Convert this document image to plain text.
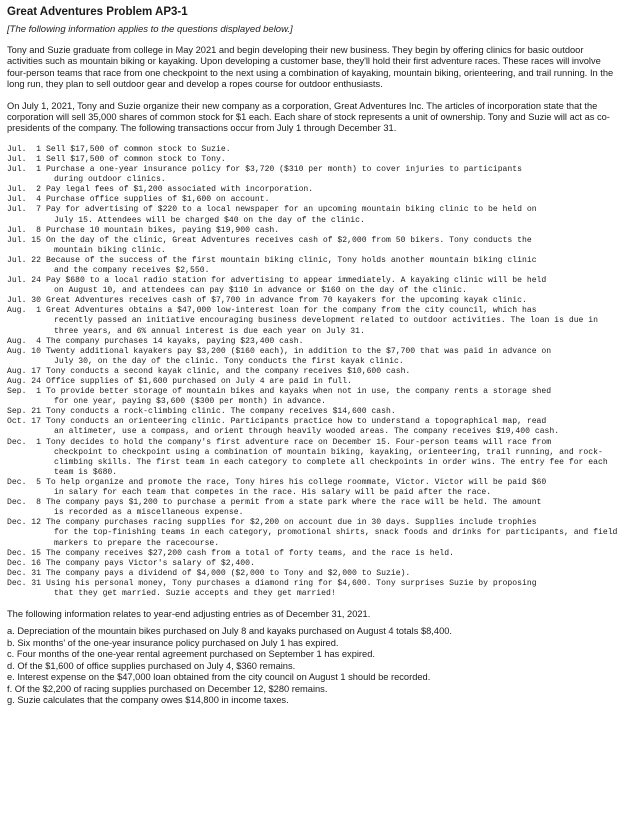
Great Adventures Problem AP3-1
[The following information applies to the questions displayed below.]

Tony and Suzie graduate from college in May 2021 and begin developing their new business. They begin by offering clinics for basic outdoor activities such as mountain biking or kayaking. Upon developing a customer base, they'll hold their first adventure races. These races will involve four-person teams that race from one checkpoint to the next using a combination of kayaking, mountain biking, orienteering, and trail running. In the long run, they plan to sell outdoor gear and develop a ropes course for outdoor enthusiasts.

On July 1, 2021, Tony and Suzie organize their new company as a corporation, Great Adventures Inc. The articles of incorporation state that the corporation will sell 35,000 shares of common stock for $1 each. Each share of stock represents a unit of ownership. Tony and Suzie will act as co-presidents of the company. The following transactions occur from July 1 through December 31.

Jul.  1 Sell $17,500 of common stock to Suzie.
Jul.  1 Sell $17,500 of common stock to Tony.
Jul.  1 Purchase a one-year insurance policy for $3,720 ($310 per month) to cover injuries to participants
during outdoor clinics.
Jul.  2 Pay legal fees of $1,200 associated with incorporation.
Jul.  4 Purchase office supplies of $1,600 on account.
Jul.  7 Pay for advertising of $220 to a local newspaper for an upcoming mountain biking clinic to be held on
July 15. Attendees will be charged $40 on the day of the clinic.
Jul.  8 Purchase 10 mountain bikes, paying $19,900 cash.
Jul. 15 On the day of the clinic, Great Adventures receives cash of $2,000 from 50 bikers. Tony conducts the
mountain biking clinic.
Jul. 22 Because of the success of the first mountain biking clinic, Tony holds another mountain biking clinic
and the company receives $2,550.
Jul. 24 Pay $680 to a local radio station for advertising to appear immediately. A kayaking clinic will be held
on August 10, and attendees can pay $110 in advance or $160 on the day of the clinic.
Jul. 30 Great Adventures receives cash of $7,700 in advance from 70 kayakers for the upcoming kayak clinic.
Aug.  1 Great Adventures obtains a $47,000 low-interest loan for the company from the city council, which has
recently passed an initiative encouraging business development related to outdoor activities. The loan is due in three years, and 6% annual interest is due each year on July 31.
Aug.  4 The company purchases 14 kayaks, paying $23,400 cash.
Aug. 10 Twenty additional kayakers pay $3,200 ($160 each), in addition to the $7,700 that was paid in advance on
July 30, on the day of the clinic. Tony conducts the first kayak clinic.
Aug. 17 Tony conducts a second kayak clinic, and the company receives $10,600 cash.
Aug. 24 Office supplies of $1,600 purchased on July 4 are paid in full.
Sep.  1 To provide better storage of mountain bikes and kayaks when not in use, the company rents a storage shed
for one year, paying $3,600 ($300 per month) in advance.
Sep. 21 Tony conducts a rock-climbing clinic. The company receives $14,600 cash.
Oct. 17 Tony conducts an orienteering clinic. Participants practice how to understand a topographical map, read
an altimeter, use a compass, and orient through heavily wooded areas. The company receives $19,400 cash.
Dec.  1 Tony decides to hold the company's first adventure race on December 15. Four-person teams will race from
checkpoint to checkpoint using a combination of mountain biking, kayaking, orienteering, trail running, and rock-climbing skills. The first team in each category to complete all checkpoints in order wins. The entry fee for each team is $680.
Dec.  5 To help organize and promote the race, Tony hires his college roommate, Victor. Victor will be paid $60
in salary for each team that competes in the race. His salary will be paid after the race.
Dec.  8 The company pays $1,200 to purchase a permit from a state park where the race will be held. The amount
is recorded as a miscellaneous expense.
Dec. 12 The company purchases racing supplies for $2,200 on account due in 30 days. Supplies include trophies
for the top-finishing teams in each category, promotional shirts, snack foods and drinks for participants, and field markers to prepare the racecourse.
Dec. 15 The company receives $27,200 cash from a total of forty teams, and the race is held.
Dec. 16 The company pays Victor's salary of $2,400.
Dec. 31 The company pays a dividend of $4,000 ($2,000 to Tony and $2,000 to Suzie).
Dec. 31 Using his personal money, Tony purchases a diamond ring for $4,600. Tony surprises Suzie by proposing
that they get married. Suzie accepts and they get married!

The following information relates to year-end adjusting entries as of December 31, 2021.

a. Depreciation of the mountain bikes purchased on July 8 and kayaks purchased on August 4 totals $8,400.
b. Six months' of the one-year insurance policy purchased on July 1 has expired.
c. Four months of the one-year rental agreement purchased on September 1 has expired.
d. Of the $1,600 of office supplies purchased on July 4, $360 remains.
e. Interest expense on the $47,000 loan obtained from the city council on August 1 should be recorded.
f. Of the $2,200 of racing supplies purchased on December 12, $280 remains.
g. Suzie calculates that the company owes $14,800 in income taxes.
